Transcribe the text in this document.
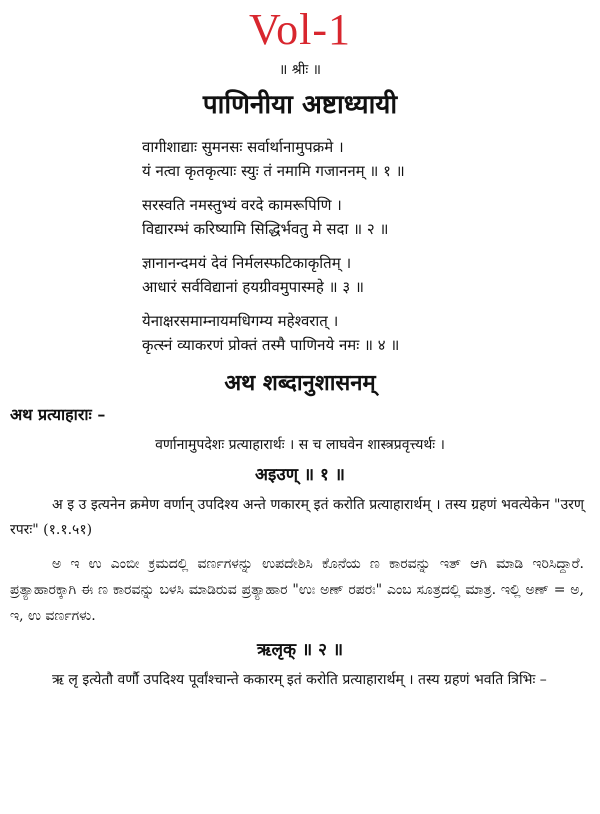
Vol-1
॥ श्रीः ॥
पाणिनीया अष्टाध्यायी
वागीशाद्याः सुमनसः सर्वार्थानामुपक्रमे ।
यं नत्वा कृतकृत्याः स्युः तं नमामि गजाननम् ॥ १ ॥
सरस्वति नमस्तुभ्यं वरदे कामरूपिणि ।
विद्यारम्भं करिष्यामि सिद्धिर्भवतु मे सदा ॥ २ ॥
ज्ञानानन्दमयं देवं निर्मलस्फटिकाकृतिम् ।
आधारं सर्वविद्यानां हयग्रीवमुपास्महे ॥ ३ ॥
येनाक्षरसमाम्नायमधिगम्य महेश्वरात् ।
कृत्स्नं व्याकरणं प्रोक्तं तस्मै पाणिनये नमः ॥ ४ ॥
अथ शब्दानुशासनम्
अथ प्रत्याहाराः –
वर्णानामुपदेशः प्रत्याहारार्थः । स च लाघवेन शास्त्रप्रवृत्त्यर्थः ।
अइउण् ॥ १ ॥
अ इ उ इत्यनेन क्रमेण वर्णान् उपदिश्य अन्ते णकारम् इतं करोति प्रत्याहारार्थम् । तस्य ग्रहणं भवत्येकेन "उरण् रपरः" (१.१.५१)
ಅ ಇ ಉ ಎಂಬೀ ಕ್ರಮದಲ್ಲಿ ವರ್ಣಗಳನ್ನು ಉಪದೇಶಿಸಿ ಕೊನೆಯ ಣ ಕಾರವನ್ನು ಇತ್ ಆಗಿ ಮಾಡಿ ಇರಿಸಿದ್ದಾರೆ. ಪ್ರತ್ಯಾಹಾರಕ್ಕಾಗಿ ಈ ಣ ಕಾರವನ್ನು ಬಳಸಿ ಮಾಡಿರುವ ಪ್ರತ್ಯಾಹಾರ "ಉಃ ಅಣ್ ರಪರಃ" ಎಂಬ ಸೂತ್ರದಲ್ಲಿ ಮಾತ್ರ. ಇಲ್ಲಿ ಅಣ್ = ಅ, ಇ, ಉ ವರ್ಣಗಳು.
ऋलृक् ॥ २ ॥
ऋ लृ इत्येतौ वर्णौ उपदिश्य पूर्वांश्चान्ते ककारम् इतं करोति प्रत्याहारार्थम् । तस्य ग्रहणं भवति त्रिभिः –
